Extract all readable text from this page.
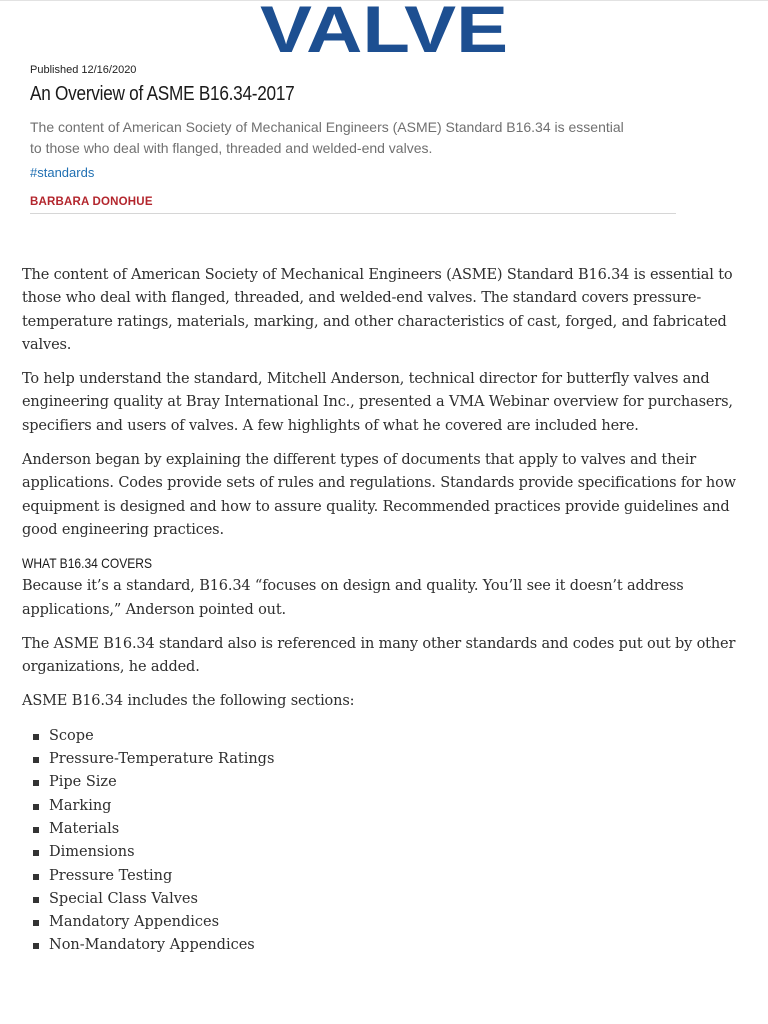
VALVE

Published 12/16/2020

An Overview of ASME B16.34-2017

The content of American Society of Mechanical Engineers (ASME) Standard B16.34 is essential to those who deal with flanged, threaded and welded-end valves.

#standards
BARBARA DONOHUE

The content of American Society of Mechanical Engineers (ASME) Standard B16.34 is essential to those who deal with flanged, threaded, and welded-end valves. The standard covers pressure-temperature ratings, materials, marking, and other characteristics of cast, forged, and fabricated valves.

To help understand the standard, Mitchell Anderson, technical director for butterfly valves and engineering quality at Bray International Inc., presented a VMA Webinar overview for purchasers, specifiers and users of valves. A few highlights of what he covered are included here.

Anderson began by explaining the different types of documents that apply to valves and their applications. Codes provide sets of rules and regulations. Standards provide specifications for how equipment is designed and how to assure quality. Recommended practices provide guidelines and good engineering practices.

WHAT B16.34 COVERS

Because it’s a standard, B16.34 “focuses on design and quality. You’ll see it doesn’t address applications,” Anderson pointed out.

The ASME B16.34 standard also is referenced in many other standards and codes put out by other organizations, he added.

ASME B16.34 includes the following sections:

Scope
Pressure-Temperature Ratings
Pipe Size
Marking
Materials
Dimensions
Pressure Testing
Special Class Valves
Mandatory Appendices
Non-Mandatory Appendices
